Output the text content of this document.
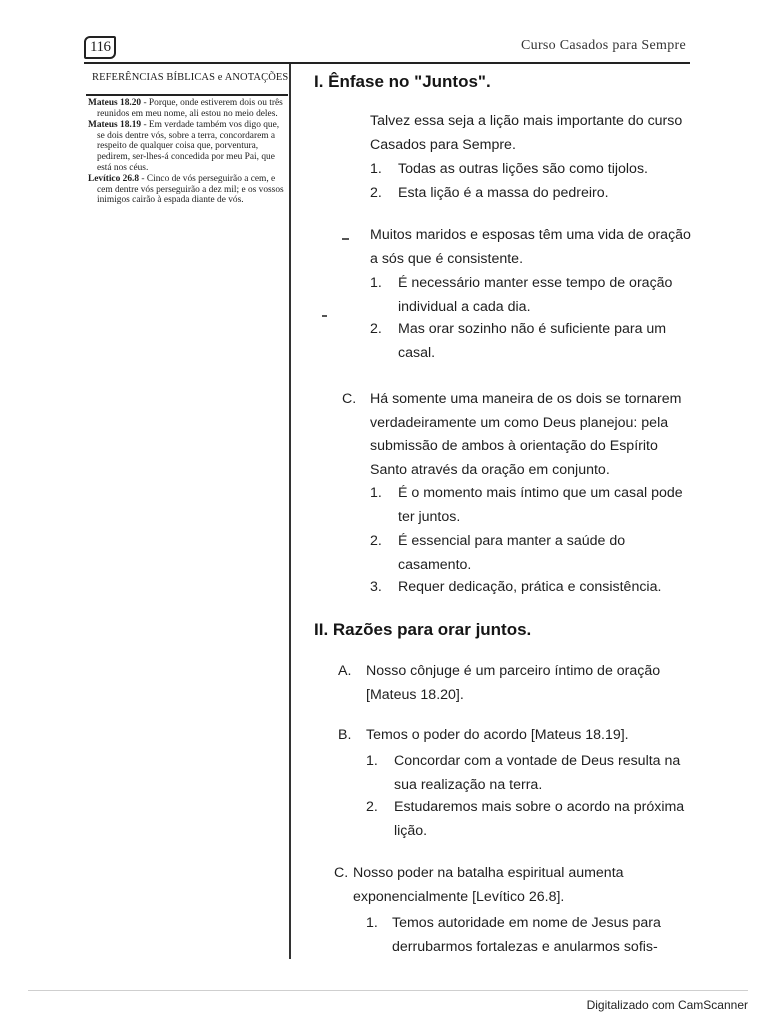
116	Curso Casados para Sempre
REFERÊNCIAS BÍBLICAS e ANOTAÇÕES

Mateus 18.20 - Porque, onde estiverem dois ou três reunidos em meu nome, ali estou no meio deles.

Mateus 18.19 - Em verdade também vos digo que, se dois dentre vós, sobre a terra, concordarem a respeito de qualquer coisa que, porventura, pedirem, ser-lhes-á concedida por meu Pai, que está nos céus.

Levítico 26.8 - Cinco de vós perseguirão a cem, e cem dentre vós perseguirão a dez mil; e os vossos inimigos cairão à espada diante de vós.

I. Ênfase no "Juntos".
Talvez essa seja a lição mais importante do curso Casados para Sempre.
1. Todas as outras lições são como tijolos.
2. Esta lição é a massa do pedreiro.
Muitos maridos e esposas têm uma vida de oração a sós que é consistente.
1. É necessário manter esse tempo de oração individual a cada dia.
2. Mas orar sozinho não é suficiente para um casal.
C. Há somente uma maneira de os dois se tornarem verdadeiramente um como Deus planejou: pela submissão de ambos à orientação do Espírito Santo através da oração em conjunto.
1. É o momento mais íntimo que um casal pode ter juntos.
2. É essencial para manter a saúde do casamento.
3. Requer dedicação, prática e consistência.
II. Razões para orar juntos.
A. Nosso cônjuge é um parceiro íntimo de oração [Mateus 18.20].
B. Temos o poder do acordo [Mateus 18.19].
1. Concordar com a vontade de Deus resulta na sua realização na terra.
2. Estudaremos mais sobre o acordo na próxima lição.
C. Nosso poder na batalha espiritual aumenta exponencialmente [Levítico 26.8].
1. Temos autoridade em nome de Jesus para derrubarmos fortalezas e anularmos sofis-
Digitalizado com CamScanner
